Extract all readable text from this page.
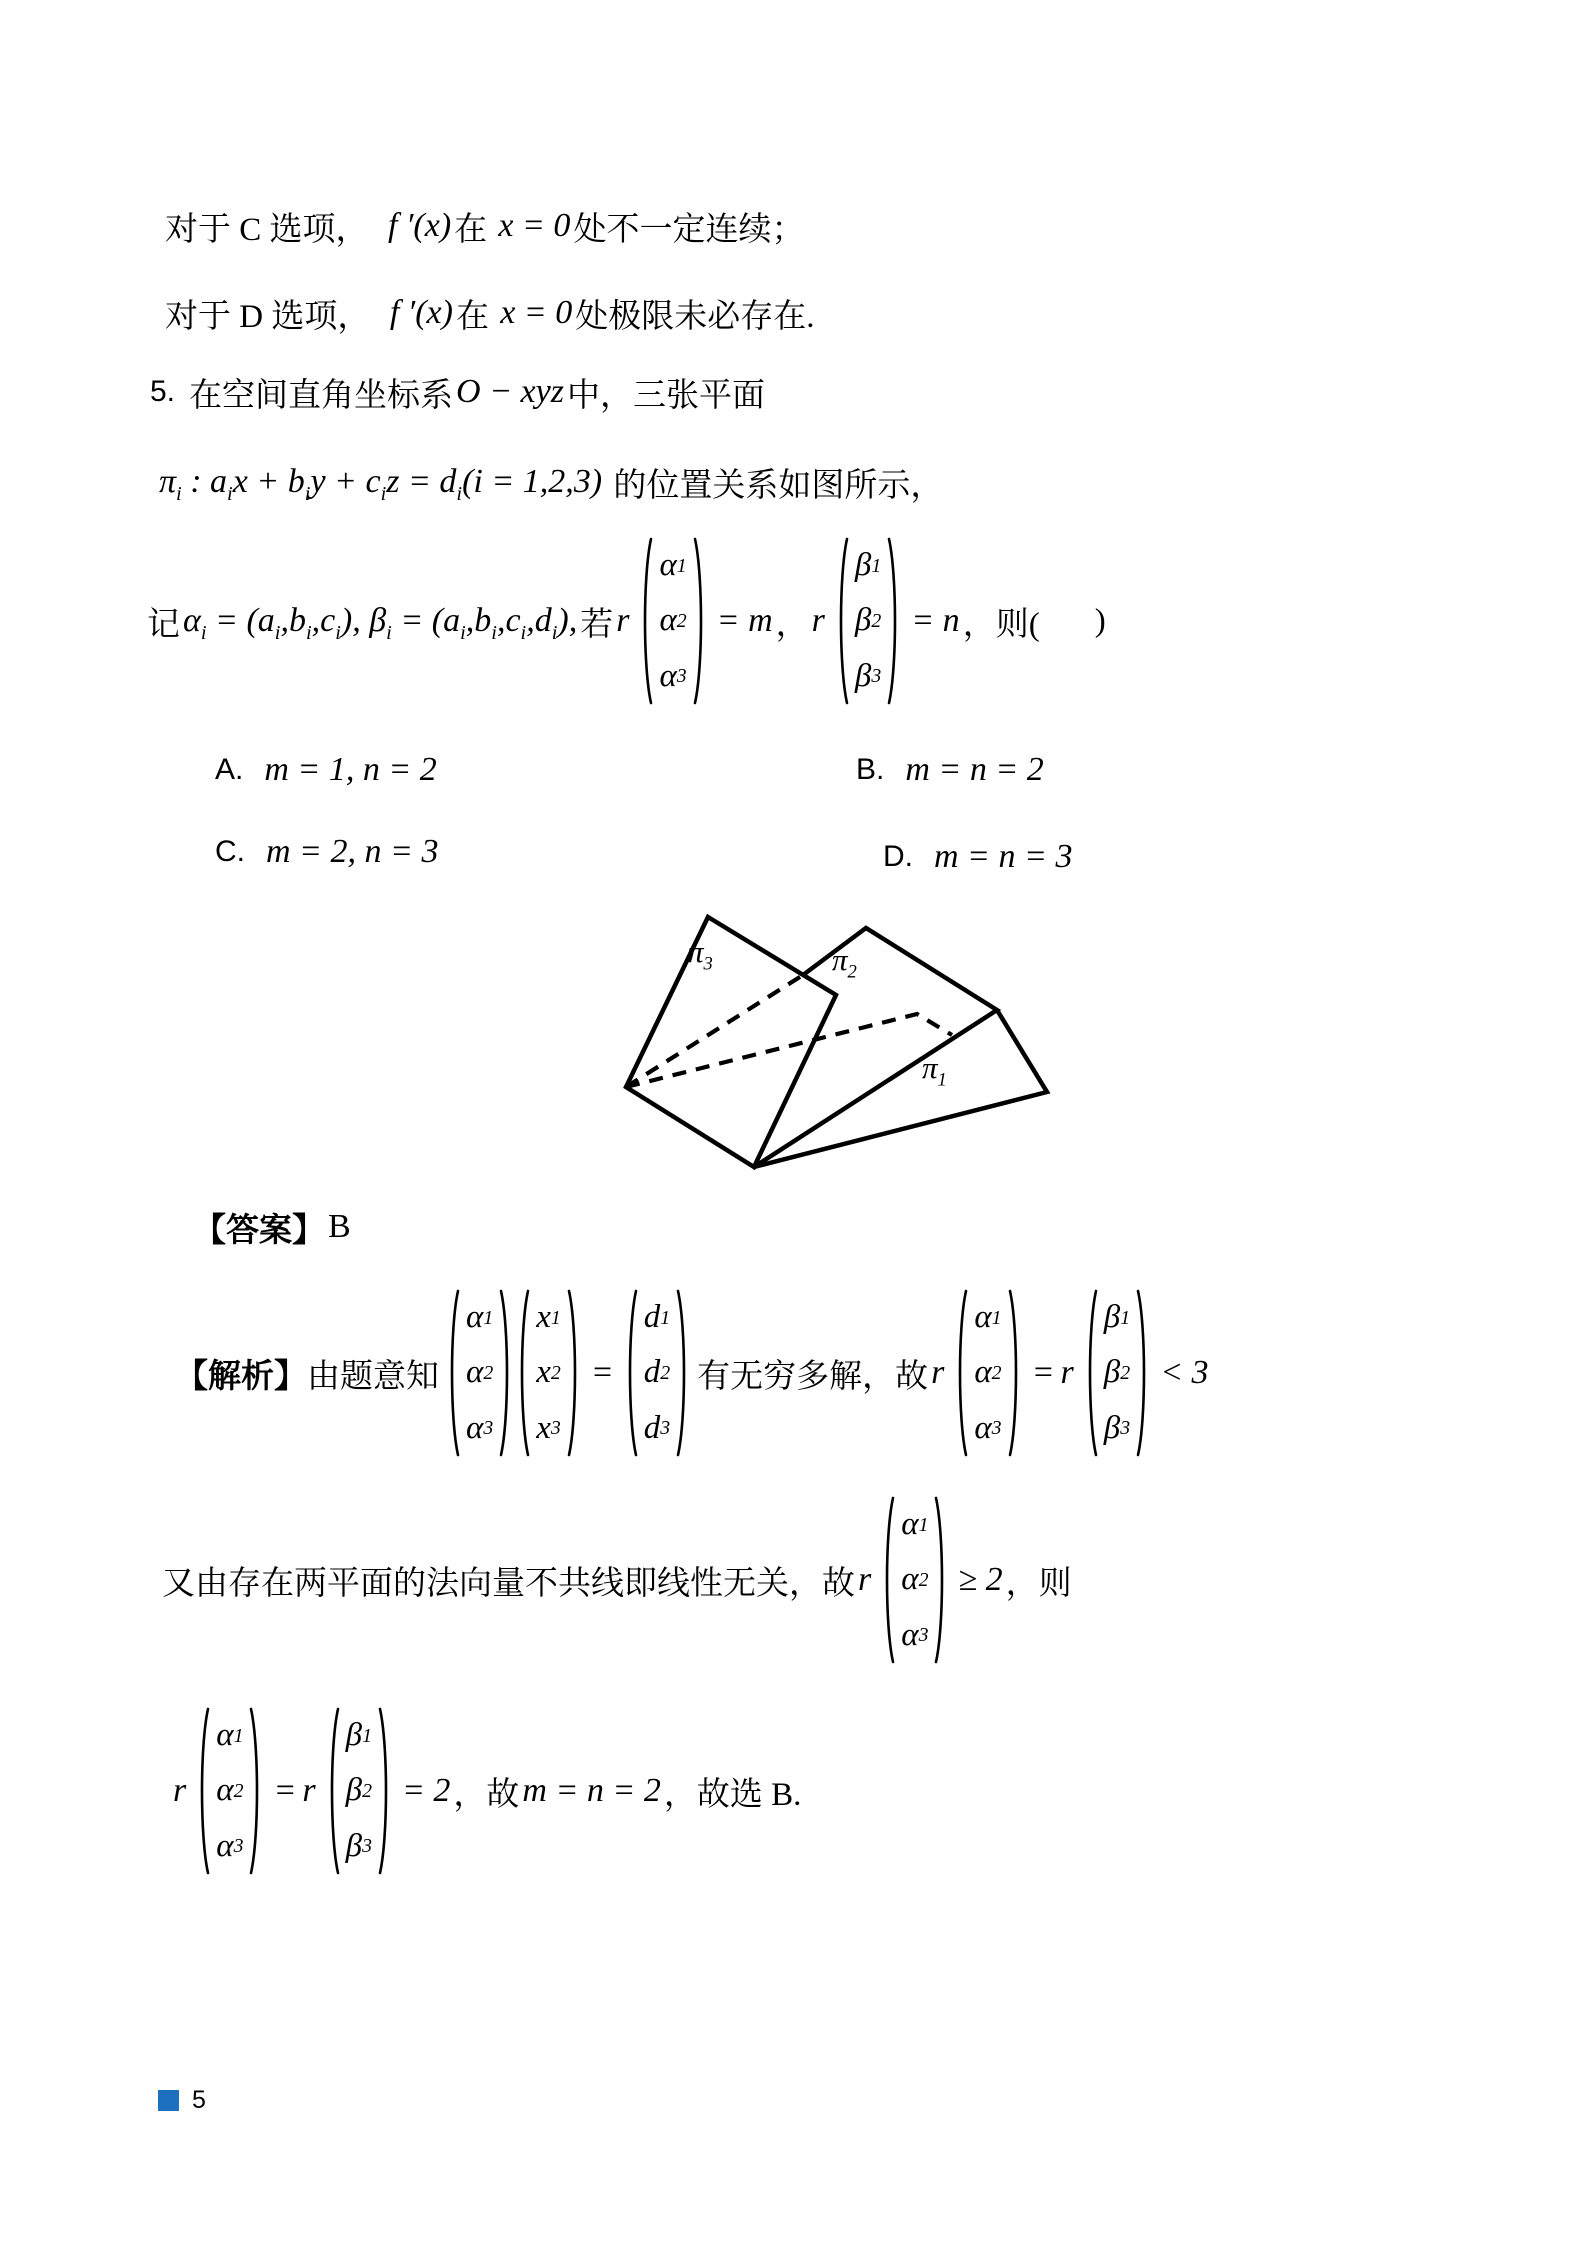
对于 C 选项， f ′(x) 在 x = 0 处不一定连续；
对于 D 选项， f ′(x) 在 x = 0 处极限未必存在.
5. 在空间直角坐标系 O − xyz 中，三张平面
$\pi_i$ : $a_ix + b_iy + c_iz = d_i(i = 1,2,3)$ 的位置关系如图所示，
记 $\alpha_i = (a_i,b_i,c_i)$, $\beta_i = (a_i,b_i,c_i,d_i)$, 若 r
α 1
α 2
α 3
= m ， r
β 1
β 2
β 3
= n ，则( )
A. m = 1, n = 2	B. m = n = 2
C. m = 2, n = 3	D. m = n = 3
$\pi_3$	$\pi_2$
$\pi_1$
【答案】 B
【解析】 由题意知
α 1
α 2
α 3
x 1
x 2
x 3
=
d 1
d 2
d 3
有无穷多解，故 r
α 1
α 2
α 3
= r
β 1
β 2
β 3
< 3
又由存在两平面的法向量不共线即线性无关，故 r
α 1
α 2
α 3
≥ 2 ，则
r
α 1
α 2
α 3
= r
β 1
β 2
β 3
= 2 ，故 m = n = 2 ，故选 B.
5
